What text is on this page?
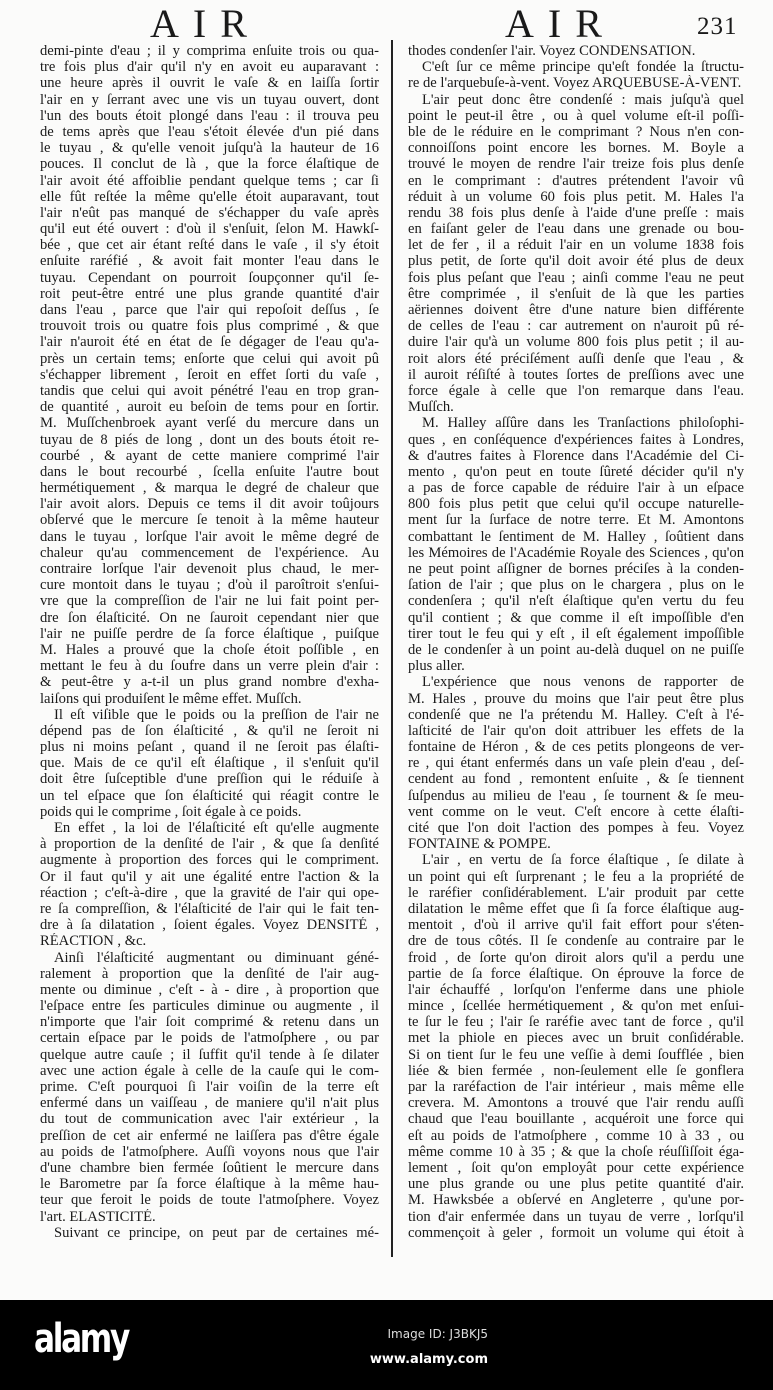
AIR	AIR	231
demi-pinte d'eau ; il y comprima enſuite trois ou qua-
tre fois plus d'air qu'il n'y en avoit eu auparavant :
une heure après il ouvrit le vaſe & en laiſſa ſortir
l'air en y ſerrant avec une vis un tuyau ouvert, dont
l'un des bouts étoit plongé dans l'eau : il trouva peu
de tems après que l'eau s'étoit élevée d'un pié dans
le tuyau , & qu'elle venoit juſqu'à la hauteur de 16
pouces. Il conclut de là , que la force élaſtique de
l'air avoit été affoiblie pendant quelque tems ; car ſi
elle fût reſtée la même qu'elle étoit auparavant, tout
l'air n'eût pas manqué de s'échapper du vaſe après
qu'il eut été ouvert : d'où il s'enſuit, ſelon M. Hawkſ-
bée , que cet air étant reſté dans le vaſe , il s'y étoit
enſuite raréfié , & avoit fait monter l'eau dans le
tuyau. Cependant on pourroit ſoupçonner qu'il ſe-
roit peut-être entré une plus grande quantité d'air
dans l'eau , parce que l'air qui repoſoit deſſus , ſe
trouvoit trois ou quatre fois plus comprimé , & que
l'air n'auroit été en état de ſe dégager de l'eau qu'a-
près un certain tems; enſorte que celui qui avoit pû
s'échapper librement , ſeroit en effet ſorti du vaſe ,
tandis que celui qui avoit pénétré l'eau en trop gran-
de quantité , auroit eu beſoin de tems pour en ſortir.
M. Muſſchenbroek ayant verſé du mercure dans un
tuyau de 8 piés de long , dont un des bouts étoit re-
courbé , & ayant de cette maniere comprimé l'air
dans le bout recourbé , ſcella enſuite l'autre bout
hermétiquement , & marqua le degré de chaleur que
l'air avoit alors. Depuis ce tems il dit avoir toûjours
obſervé que le mercure ſe tenoit à la même hauteur
dans le tuyau , lorſque l'air avoit le même degré de
chaleur qu'au commencement de l'expérience. Au
contraire lorſque l'air devenoit plus chaud, le mer-
cure montoit dans le tuyau ; d'où il paroîtroit s'enſui-
vre que la compreſſion de l'air ne lui fait point per-
dre ſon élaſticité. On ne ſauroit cependant nier que
l'air ne puiſſe perdre de ſa force élaſtique , puiſque
M. Hales a prouvé que la choſe étoit poſſible , en
mettant le feu à du ſoufre dans un verre plein d'air :
& peut-être y a-t-il un plus grand nombre d'exha-
laiſons qui produiſent le même effet. Muſſch.
Il eſt viſible que le poids ou la preſſion de l'air ne
dépend pas de ſon élaſticité , & qu'il ne ſeroit ni
plus ni moins peſant , quand il ne ſeroit pas élaſti-
que. Mais de ce qu'il eſt élaſtique , il s'enſuit qu'il
doit être ſuſceptible d'une preſſion qui le réduiſe à
un tel eſpace que ſon élaſticité qui réagit contre le
poids qui le comprime , ſoit égale à ce poids.
En effet , la loi de l'élaſticité eſt qu'elle augmente
à proportion de la denſité de l'air , & que ſa denſité
augmente à proportion des forces qui le compriment.
Or il faut qu'il y ait une égalité entre l'action & la
réaction ; c'eſt-à-dire , que la gravité de l'air qui ope-
re ſa compreſſion, & l'élaſticité de l'air qui le fait ten-
dre à ſa dilatation , ſoient égales. Voyez DENSITÉ ,
RÉACTION , &c.
Ainſi l'élaſticité augmentant ou diminuant géné-
ralement à proportion que la denſité de l'air aug-
mente ou diminue , c'eſt - à - dire , à proportion que
l'eſpace entre ſes particules diminue ou augmente , il
n'importe que l'air ſoit comprimé & retenu dans un
certain eſpace par le poids de l'atmoſphere , ou par
quelque autre cauſe ; il ſuffit qu'il tende à ſe dilater
avec une action égale à celle de la cauſe qui le com-
prime. C'eſt pourquoi ſi l'air voiſin de la terre eſt
enfermé dans un vaiſſeau , de maniere qu'il n'ait plus
du tout de communication avec l'air extérieur , la
preſſion de cet air enfermé ne laiſſera pas d'être égale
au poids de l'atmoſphere. Auſſi voyons nous que l'air
d'une chambre bien fermée ſoûtient le mercure dans
le Barometre par ſa force élaſtique à la même hau-
teur que feroit le poids de toute l'atmoſphere. Voyez
l'art. ELASTICITÉ.
Suivant ce principe, on peut par de certaines mé-
thodes condenſer l'air. Voyez CONDENSATION.
C'eſt ſur ce même principe qu'eſt fondée la ſtructu-
re de l'arquebuſe-à-vent. Voyez ARQUEBUSE-À-VENT.
L'air peut donc être condenſé : mais juſqu'à quel
point le peut-il être , ou à quel volume eſt-il poſſi-
ble de le réduire en le comprimant ? Nous n'en con-
connoiſſons point encore les bornes. M. Boyle a
trouvé le moyen de rendre l'air treize fois plus denſe
en le comprimant : d'autres prétendent l'avoir vû
réduit à un volume 60 fois plus petit. M. Hales l'a
rendu 38 fois plus denſe à l'aide d'une preſſe : mais
en faiſant geler de l'eau dans une grenade ou bou-
let de fer , il a réduit l'air en un volume 1838 fois
plus petit, de ſorte qu'il doit avoir été plus de deux
fois plus peſant que l'eau ; ainſi comme l'eau ne peut
être comprimée , il s'enſuit de là que les parties
aëriennes doivent être d'une nature bien différente
de celles de l'eau : car autrement on n'auroit pû ré-
duire l'air qu'à un volume 800 fois plus petit ; il au-
roit alors été préciſément auſſi denſe que l'eau , &
il auroit réſiſté à toutes ſortes de preſſions avec une
force égale à celle que l'on remarque dans l'eau.
Muſſch.
M. Halley aſſûre dans les Tranſactions philoſophi-
ques , en conſéquence d'expériences faites à Londres,
& d'autres faites à Florence dans l'Académie del Ci-
mento , qu'on peut en toute ſûreté décider qu'il n'y
a pas de force capable de réduire l'air à un eſpace
800 fois plus petit que celui qu'il occupe naturelle-
ment ſur la ſurface de notre terre. Et M. Amontons
combattant le ſentiment de M. Halley , ſoûtient dans
les Mémoires de l'Académie Royale des Sciences , qu'on
ne peut point aſſigner de bornes préciſes à la conden-
ſation de l'air ; que plus on le chargera , plus on le
condenſera ; qu'il n'eſt élaſtique qu'en vertu du feu
qu'il contient ; & que comme il eſt impoſſible d'en
tirer tout le feu qui y eſt , il eſt également impoſſible
de le condenſer à un point au-delà duquel on ne puiſſe
plus aller.
L'expérience que nous venons de rapporter de
M. Hales , prouve du moins que l'air peut être plus
condenſé que ne l'a prétendu M. Halley. C'eſt à l'é-
laſticité de l'air qu'on doit attribuer les effets de la
fontaine de Héron , & de ces petits plongeons de ver-
re , qui étant enfermés dans un vaſe plein d'eau , deſ-
cendent au fond , remontent enſuite , & ſe tiennent
ſuſpendus au milieu de l'eau , ſe tournent & ſe meu-
vent comme on le veut. C'eſt encore à cette élaſti-
cité que l'on doit l'action des pompes à feu. Voyez
FONTAINE & POMPE.
L'air , en vertu de ſa force élaſtique , ſe dilate à
un point qui eſt ſurprenant ; le feu a la propriété de
le raréfier conſidérablement. L'air produit par cette
dilatation le même effet que ſi ſa force élaſtique aug-
mentoit , d'où il arrive qu'il fait effort pour s'éten-
dre de tous côtés. Il ſe condenſe au contraire par le
froid , de ſorte qu'on diroit alors qu'il a perdu une
partie de ſa force élaſtique. On éprouve la force de
l'air échauffé , lorſqu'on l'enferme dans une phiole
mince , ſcellée hermétiquement , & qu'on met enſui-
te ſur le feu ; l'air ſe raréfie avec tant de force , qu'il
met la phiole en pieces avec un bruit conſidérable.
Si on tient ſur le feu une veſſie à demi ſoufflée , bien
liée & bien fermée , non-ſeulement elle ſe gonflera
par la raréfaction de l'air intérieur , mais même elle
crevera. M. Amontons a trouvé que l'air rendu auſſi
chaud que l'eau bouillante , acquéroit une force qui
eſt au poids de l'atmoſphere , comme 10 à 33 , ou
même comme 10 à 35 ; & que la choſe réuſſiſſoit éga-
lement , ſoit qu'on employât pour cette expérience
une plus grande ou une plus petite quantité d'air.
M. Hawksbée a obſervé en Angleterre , qu'une por-
tion d'air enfermée dans un tuyau de verre , lorſqu'il
commençoit à geler , formoit un volume qui étoit à
alamy	Image ID: J3BKJ5
www.alamy.com
